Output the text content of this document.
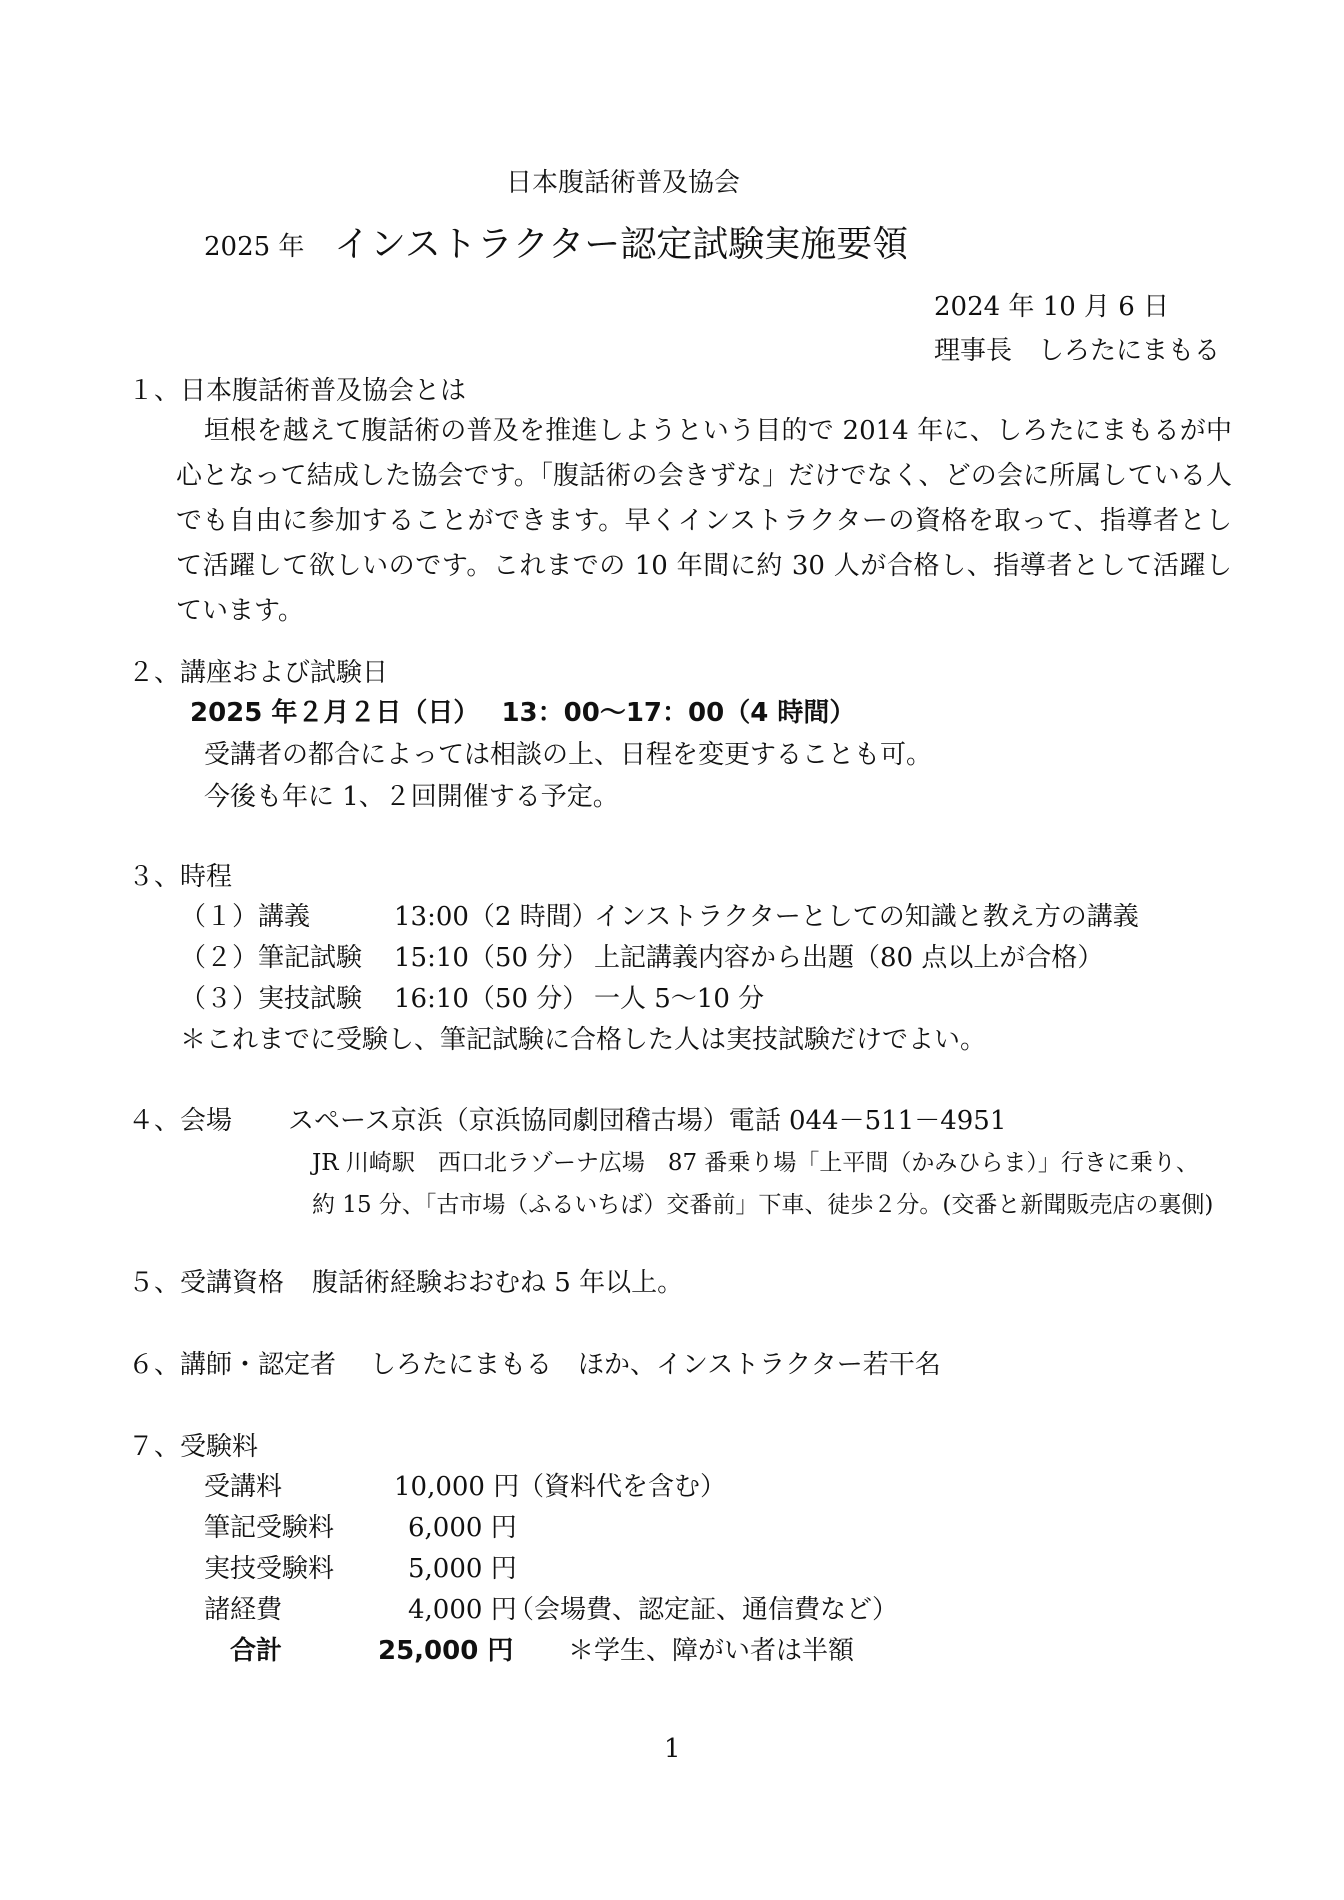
日本腹話術普及協会
2025 年 インストラクター認定試験実施要領
2024 年 10 月 6 日
理事長　しろたにまもる
１、日本腹話術普及協会とは
垣根を越えて腹話術の普及を推進しようという目的で 2014 年に、しろたにまもるが中心となって結成した協会です。「腹話術の会きずな」だけでなく、どの会に所属している人でも自由に参加することができます。早くインストラクターの資格を取って、指導者として活躍して欲しいのです。これまでの 10 年間に約 30 人が合格し、指導者として活躍しています。
２、講座および試験日
2025 年２月２日（日）　 13：00〜17：00（4 時間）
受講者の都合によっては相談の上、日程を変更することも可。
今後も年に 1、２回開催する予定。
３、時程
（１） 講義	13:00（2 時間）
インストラクターとしての知識と教え方の講義
（２） 筆記試験 15:10（50 分） 上記講義内容から出題（80 点以上が合格）
（３） 実技試験 16:10（50 分） 一人 5〜10 分
＊これまでに受験し、筆記試験に合格した人は実技試験だけでよい。
４、会場 スペース京浜（京浜協同劇団稽古場）電話 044－511－4951
JR 川崎駅　西口北ラゾーナ広場　87 番乗り場「上平間（かみひらま）」行きに乗り、
約 15 分、「古市場（ふるいちば）交番前」下車、徒歩２分。(交番と新聞販売店の裏側)
５、受講資格 腹話術経験おおむね 5 年以上。
６、講師・認定者 しろたにまもる　ほか、インストラクター若干名
７、受験料
受講料	10,000 円
（資料代を含む）
筆記受験料	6,000 円
実技受験料	5,000 円
諸経費	4,000 円
（会場費、認定証、通信費など）
合計	25,000 円 ＊学生、障がい者は半額
1
